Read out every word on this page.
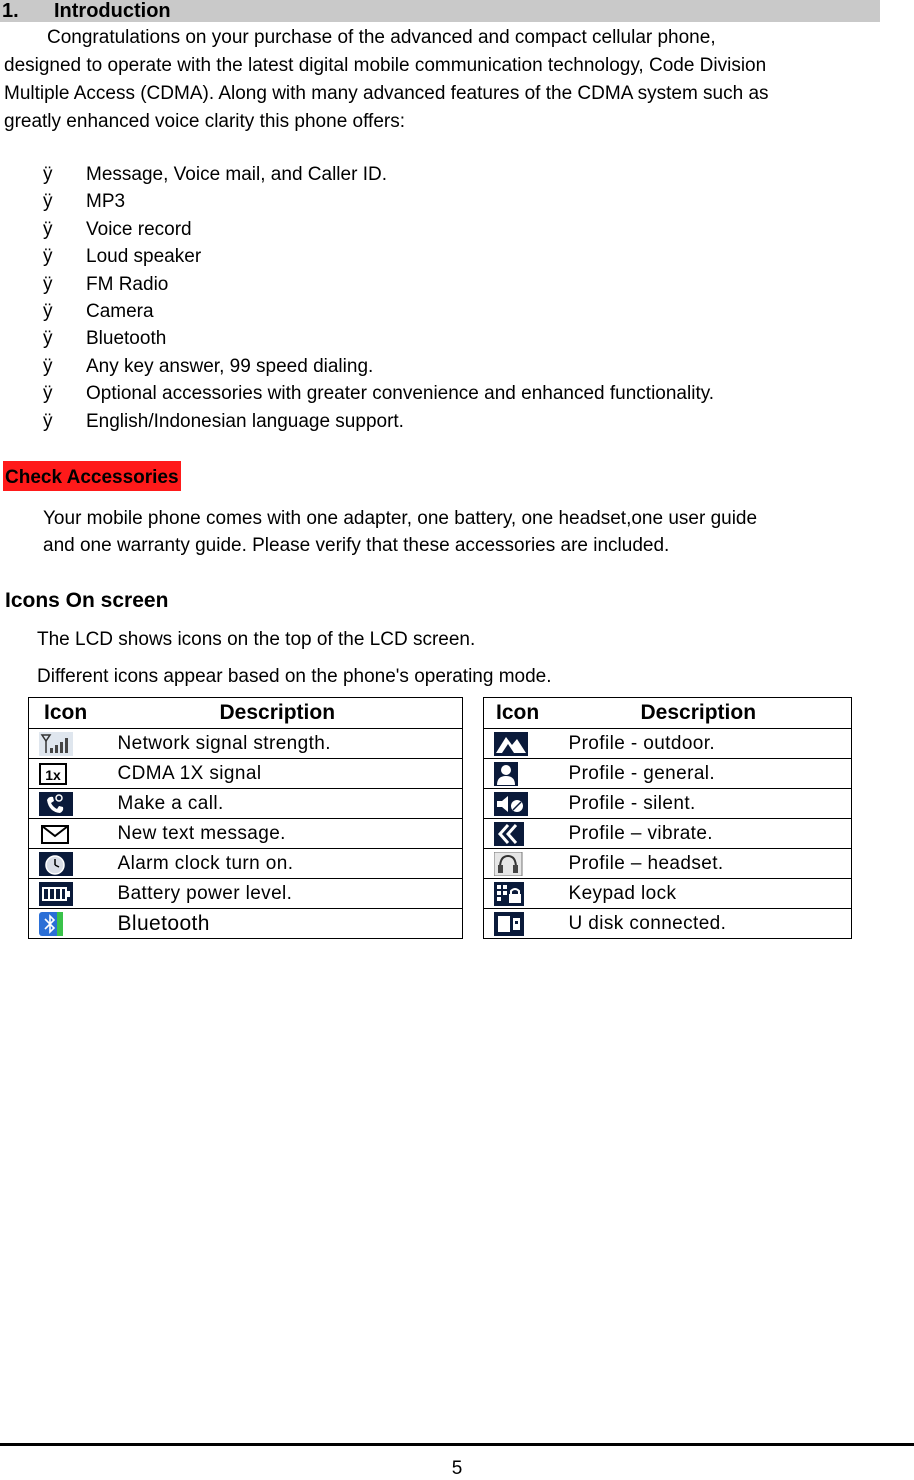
1. Introduction
Congratulations on your purchase of the advanced and compact cellular phone,
designed to operate with the latest digital mobile communication technology, Code Division
Multiple Access (CDMA). Along with many advanced features of the CDMA system such as
greatly enhanced voice clarity this phone offers:
ÿ Message, Voice mail, and Caller ID.
ÿ MP3
ÿ Voice record
ÿ Loud speaker
ÿ FM Radio
ÿ Camera
ÿ Bluetooth
ÿ Any key answer, 99 speed dialing.
ÿ Optional accessories with greater convenience and enhanced functionality.
ÿ English/Indonesian language support.
Check Accessories
Your mobile phone comes with one adapter, one battery, one headset,one user guide
and one warranty guide. Please verify that these accessories are included.
Icons On screen
The LCD shows icons on the top of the LCD screen.
Different icons appear based on the phone's operating mode.
Icon	Description
	Network signal strength.

1x	CDMA 1X signal
	Make a call.
	New text message.
	Alarm clock turn on.
	Battery power level.
	Bluetooth
Icon	Description
	Profile - outdoor.
	Profile - general.
	Profile - silent.
	Profile – vibrate.
	Profile – headset.
	Keypad lock
	U disk connected.
5
